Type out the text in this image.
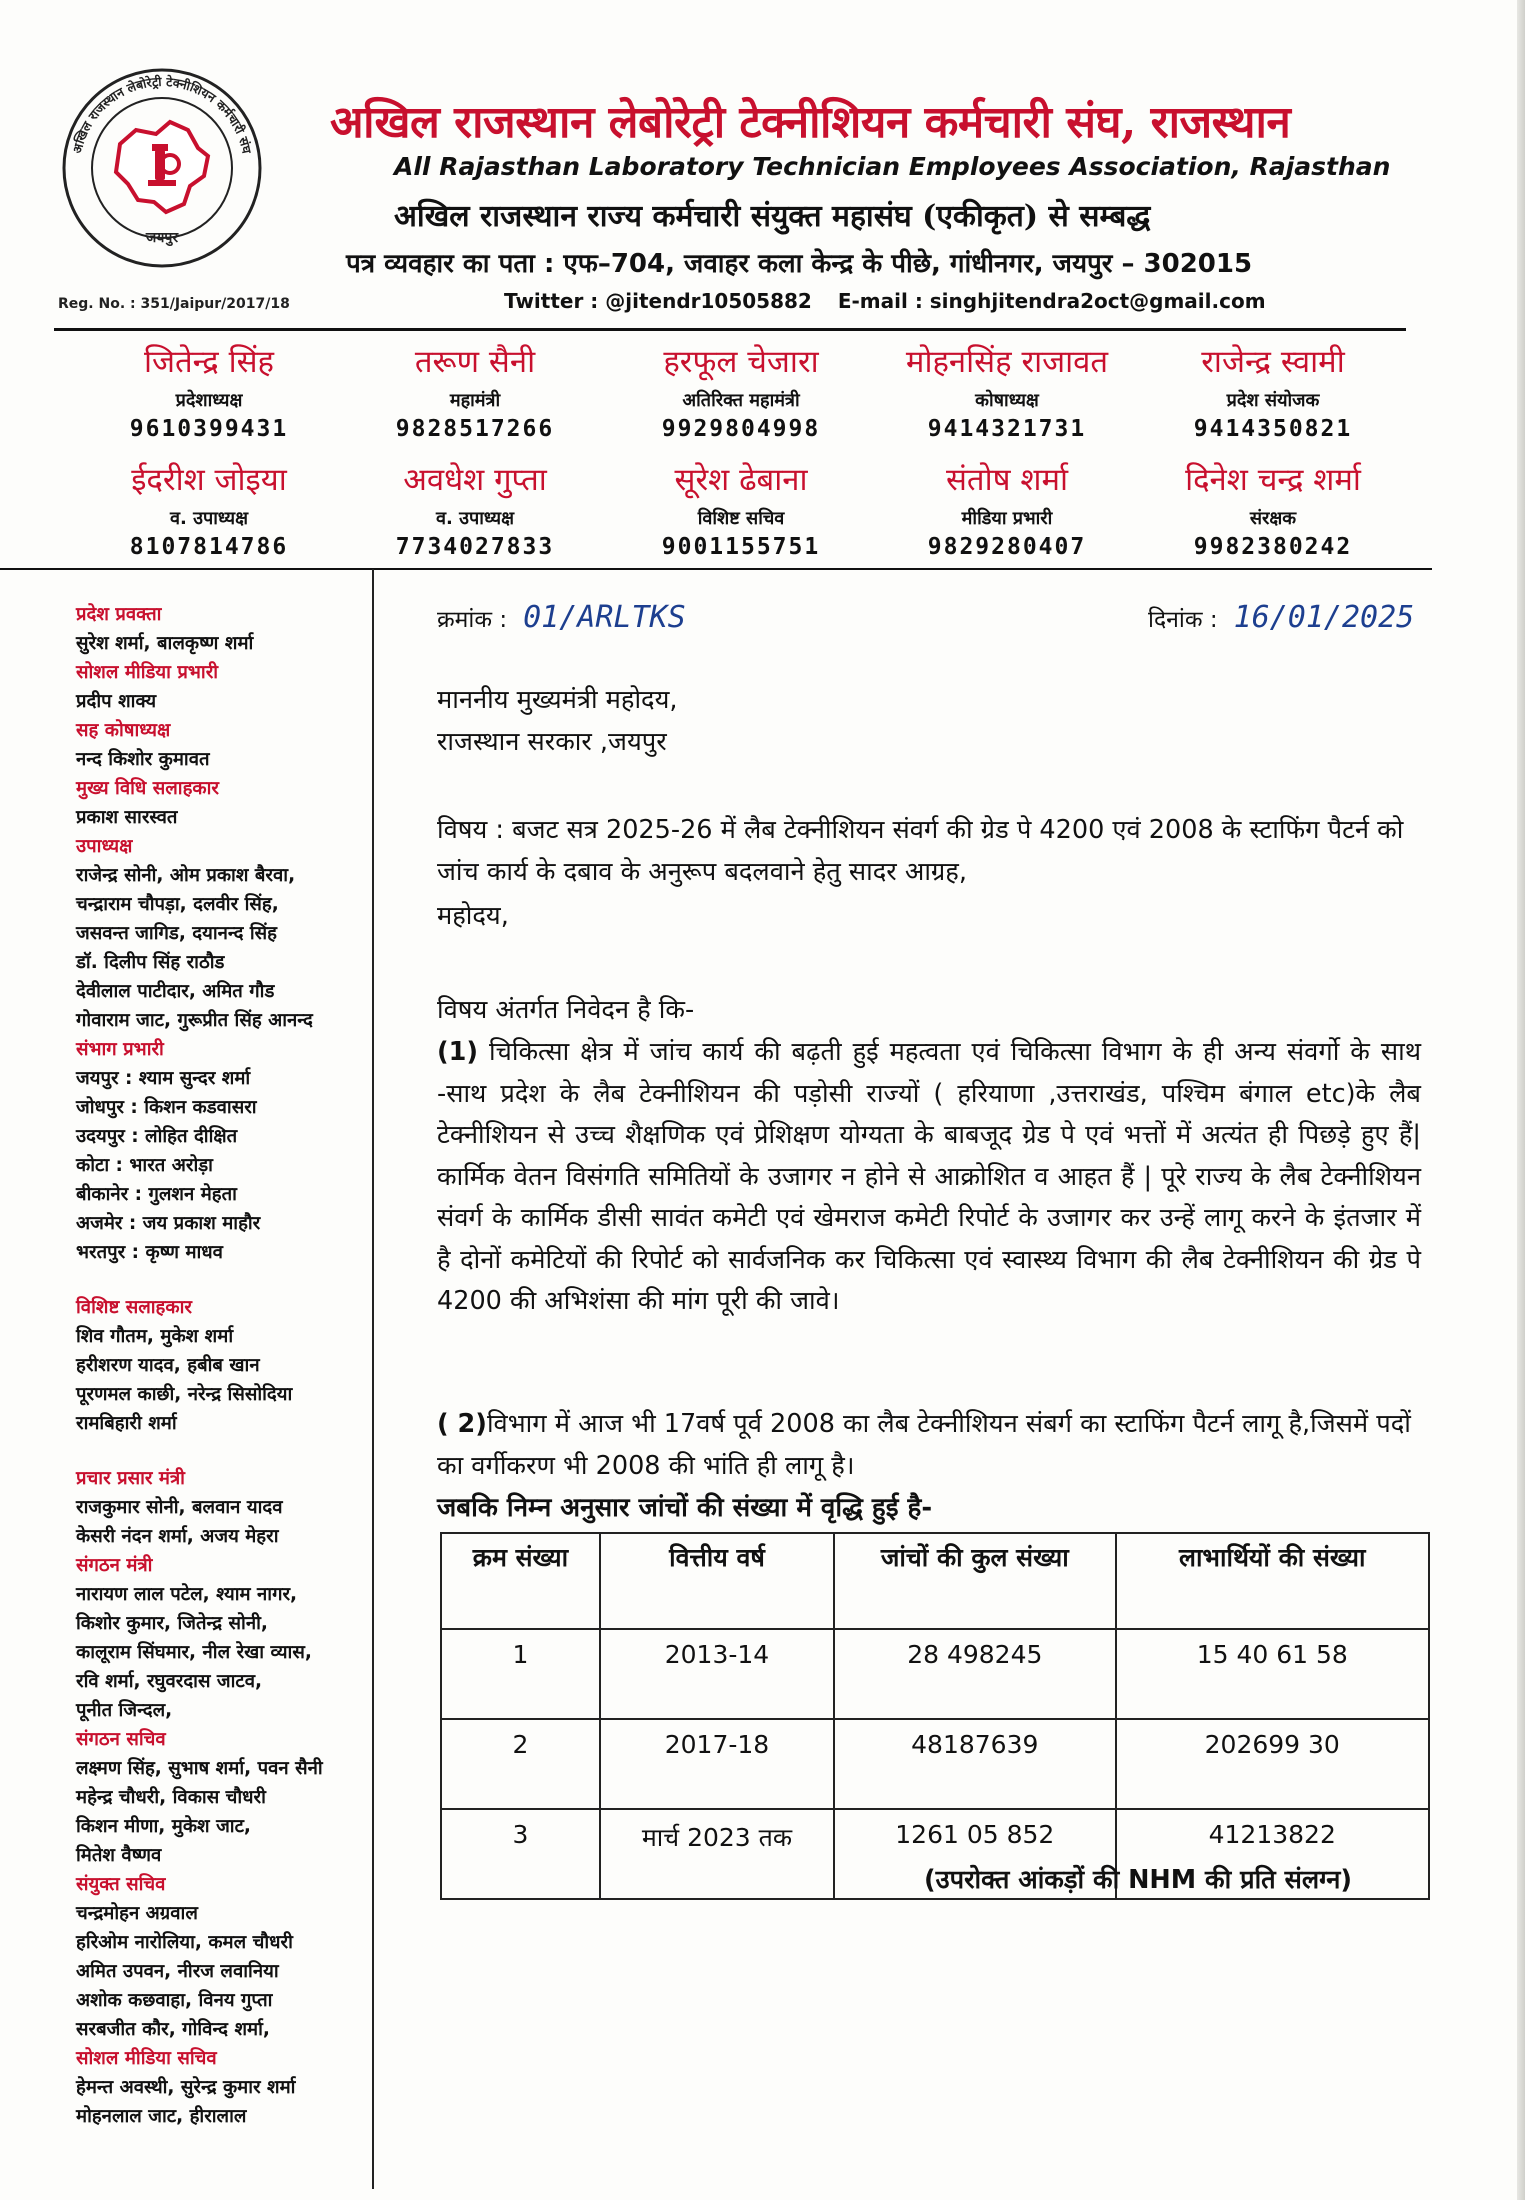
अखिल राजस्थान लेबोरेट्री टेक्नीशियन कर्मचारी संघ
जयपुर
Reg. No. : 351/Jaipur/2017/18
अखिल राजस्थान लेबोरेट्री टेक्नीशियन कर्मचारी संघ, राजस्थान
All Rajasthan Laboratory Technician Employees Association, Rajasthan
अखिल राजस्थान राज्य कर्मचारी संयुक्त महासंघ (एकीकृत) से सम्बद्ध
पत्र व्यवहार का पता : एफ–704, जवाहर कला केन्द्र के पीछे, गांधीनगर, जयपुर – 302015
Twitter : @jitendr10505882 E-mail : singhjitendra2oct@gmail.com
जितेन्द्र सिंह
प्रदेशाध्यक्ष
9610399431
तरूण सैनी
महामंत्री
9828517266
हरफूल चेजारा
अतिरिक्त महामंत्री
9929804998
मोहनसिंह राजावत
कोषाध्यक्ष
9414321731
राजेन्द्र स्वामी
प्रदेश संयोजक
9414350821
ईदरीश जोइया
व. उपाध्यक्ष
8107814786
अवधेश गुप्ता
व. उपाध्यक्ष
7734027833
सूरेश ढेबाना
विशिष्ट सचिव
9001155751
संतोष शर्मा
मीडिया प्रभारी
9829280407
दिनेश चन्द्र शर्मा
संरक्षक
9982380242
प्रदेश प्रवक्ता
सुरेश शर्मा, बालकृष्ण शर्मा
सोशल मीडिया प्रभारी
प्रदीप शाक्य
सह कोषाध्यक्ष
नन्द किशोर कुमावत
मुख्य विधि सलाहकार
प्रकाश सारस्वत
उपाध्यक्ष
राजेन्द्र सोनी, ओम प्रकाश बैरवा,
चन्द्राराम चौपड़ा, दलवीर सिंह,
जसवन्त जागिड, दयानन्द सिंह
डॉ. दिलीप सिंह राठौड
देवीलाल पाटीदार, अमित गौड
गोवाराम जाट, गुरूप्रीत सिंह आनन्द
संभाग प्रभारी
जयपुर : श्याम सुन्दर शर्मा
जोधपुर : किशन कडवासरा
उदयपुर : लोहित दीक्षित
कोटा : भारत अरोड़ा
बीकानेर : गुलशन मेहता
अजमेर : जय प्रकाश माहौर
भरतपुर : कृष्ण माधव
विशिष्ट सलाहकार
शिव गौतम, मुकेश शर्मा
हरीशरण यादव, हबीब खान
पूरणमल काछी, नरेन्द्र सिसोदिया
रामबिहारी शर्मा
प्रचार प्रसार मंत्री
राजकुमार सोनी, बलवान यादव
केसरी नंदन शर्मा, अजय मेहरा
संगठन मंत्री
नारायण लाल पटेल, श्याम नागर,
किशोर कुमार, जितेन्द्र सोनी,
कालूराम सिंघमार, नील रेखा व्यास,
रवि शर्मा, रघुवरदास जाटव,
पूनीत जिन्दल,
संगठन सचिव
लक्ष्मण सिंह, सुभाष शर्मा, पवन सैनी
महेन्द्र चौधरी, विकास चौधरी
किशन मीणा, मुकेश जाट,
मितेश वैष्णव
संयुक्त सचिव
चन्द्रमोहन अग्रवाल
हरिओम नारोलिया, कमल चौधरी
अमित उपवन, नीरज लवानिया
अशोक कछवाहा, विनय गुप्ता
सरबजीत कौर, गोविन्द शर्मा,
सोशल मीडिया सचिव
हेमन्त अवस्थी, सुरेन्द्र कुमार शर्मा
मोहनलाल जाट, हीरालाल
क्रमांक : 01/ARLTKS	दिनांक : 16/01/2025
माननीय मुख्यमंत्री महोदय,
राजस्थान सरकार ,जयपुर
विषय : बजट सत्र 2025-26 में लैब टेक्नीशियन संवर्ग की ग्रेड पे 4200 एवं 2008 के स्टाफिंग पैटर्न को जांच कार्य के दबाव के अनुरूप बदलवाने हेतु सादर आग्रह,
महोदय,
विषय अंतर्गत निवेदन है कि-
(1) चिकित्सा क्षेत्र में जांच कार्य की बढ़ती हुई महत्वता एवं चिकित्सा विभाग के ही अन्य संवर्गो के साथ -साथ प्रदेश के लैब टेक्नीशियन की पड़ोसी राज्यों ( हरियाणा ,उत्तराखंड, पश्चिम बंगाल etc)के लैब टेक्नीशियन से उच्च शैक्षणिक एवं प्रेशिक्षण योग्यता के बाबजूद ग्रेड पे एवं भत्तों में अत्यंत ही पिछड़े हुए हैं| कार्मिक वेतन विसंगति समितियों के उजागर न होने से आक्रोशित व आहत हैं | पूरे राज्य के लैब टेक्नीशियन संवर्ग के कार्मिक डीसी सावंत कमेटी एवं खेमराज कमेटी रिपोर्ट के उजागर कर उन्हें लागू करने के इंतजार में है दोनों कमेटियों की रिपोर्ट को सार्वजनिक कर चिकित्सा एवं स्वास्थ्य विभाग की लैब टेक्नीशियन की ग्रेड पे 4200 की अभिशंसा की मांग पूरी की जावे।
( 2)विभाग में आज भी 17वर्ष पूर्व 2008 का लैब टेक्नीशियन संबर्ग का स्टाफिंग पैटर्न लागू है,जिसमें पदों का वर्गीकरण भी 2008 की भांति ही लागू है।
जबकि निम्न अनुसार जांचों की संख्या में वृद्धि हुई है-
क्रम संख्या	वित्तीय वर्ष	जांचों की कुल संख्या	लाभार्थियों की संख्या
1	2013-14	28 498245	15 40 61 58
2	2017-18	48187639	202699 30
3	मार्च 2023 तक	1261 05 852	41213822
(उपरोक्त आंकड़ों की NHM की प्रति संलग्न)
